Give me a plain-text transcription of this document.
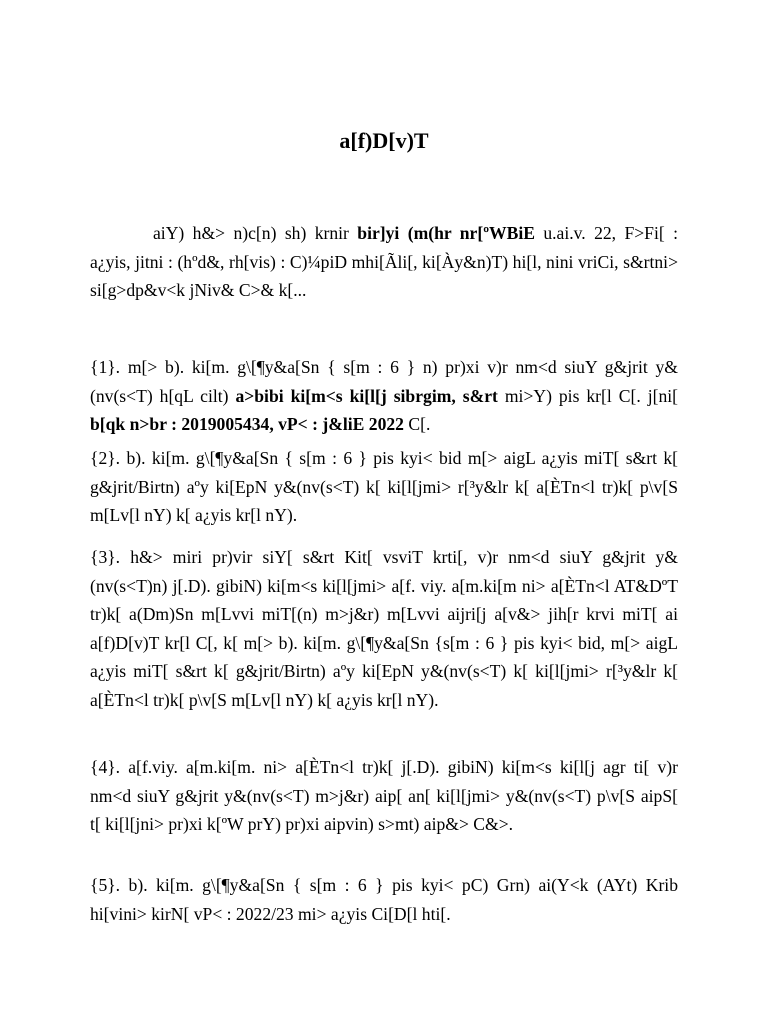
a[f)D[v)T
aiY) h&> n)c[n) sh) krnir bir]yi (m(hr nr[ºWBiE u.ai.v. 22, F>Fi[ : a¿yis, jitni : (hºd&, rh[vis) : C)¼piD mhi[Ãli[, ki[Ày&n)T) hi[l, nini vriCi, s&rtni> si[g>dp&v<k jNiv& C>& k[...
{1}. m[> b). ki[m. g\[¶y&a[Sn { s[m : 6 } n) pr)xi v)r nm<d siuY g&jrit y&(nv(s<T) h[qL cilt) a>bibi ki[m<s ki[l[j sibrgim, s&rt mi>Y) pis kr[l C[. j[ni[ b[qk n>br : 2019005434, vP< : j&liE 2022 C[.
{2}. b). ki[m. g\[¶y&a[Sn { s[m : 6 } pis kyi< bid m[> aigL a¿yis miT[ s&rt k[ g&jrit/Birtn) aºy ki[EpN y&(nv(s<T) k[ ki[l[jmi> r[³y&lr k[ a[ÈTn<l tr)k[ p\v[S m[Lv[l nY) k[ a¿yis kr[l nY).
{3}. h&> miri pr)vir siY[ s&rt Kit[ vsviT krti[, v)r nm<d siuY g&jrit y&(nv(s<T)n) j[.D). gibiN) ki[m<s ki[l[jmi> a[f. viy. a[m.ki[m ni> a[ÈTn<l AT&DºT tr)k[ a(Dm)Sn m[Lvvi miT[(n) m>j&r) m[Lvvi aijri[j a[v&> jih[r krvi miT[ ai a[f)D[v)T kr[l C[, k[ m[> b). ki[m. g\[¶y&a[Sn {s[m : 6 } pis kyi< bid, m[> aigL a¿yis miT[ s&rt k[ g&jrit/Birtn) aºy ki[EpN y&(nv(s<T) k[ ki[l[jmi> r[³y&lr k[ a[ÈTn<l tr)k[ p\v[S m[Lv[l nY) k[ a¿yis kr[l nY).
{4}. a[f.viy. a[m.ki[m. ni> a[ÈTn<l tr)k[ j[.D). gibiN) ki[m<s ki[l[j agr ti[ v)r nm<d siuY g&jrit y&(nv(s<T) m>j&r) aip[ an[ ki[l[jmi> y&(nv(s<T) p\v[S aipS[ t[ ki[l[jni> pr)xi k[ºW prY) pr)xi aipvin) s>mt) aip&> C&>.
{5}. b). ki[m. g\[¶y&a[Sn { s[m : 6 } pis kyi< pC) Grn) ai(Y<k (AYt) Krib hi[vini> kirN[ vP< : 2022/23 mi> a¿yis Ci[D[l hti[.
